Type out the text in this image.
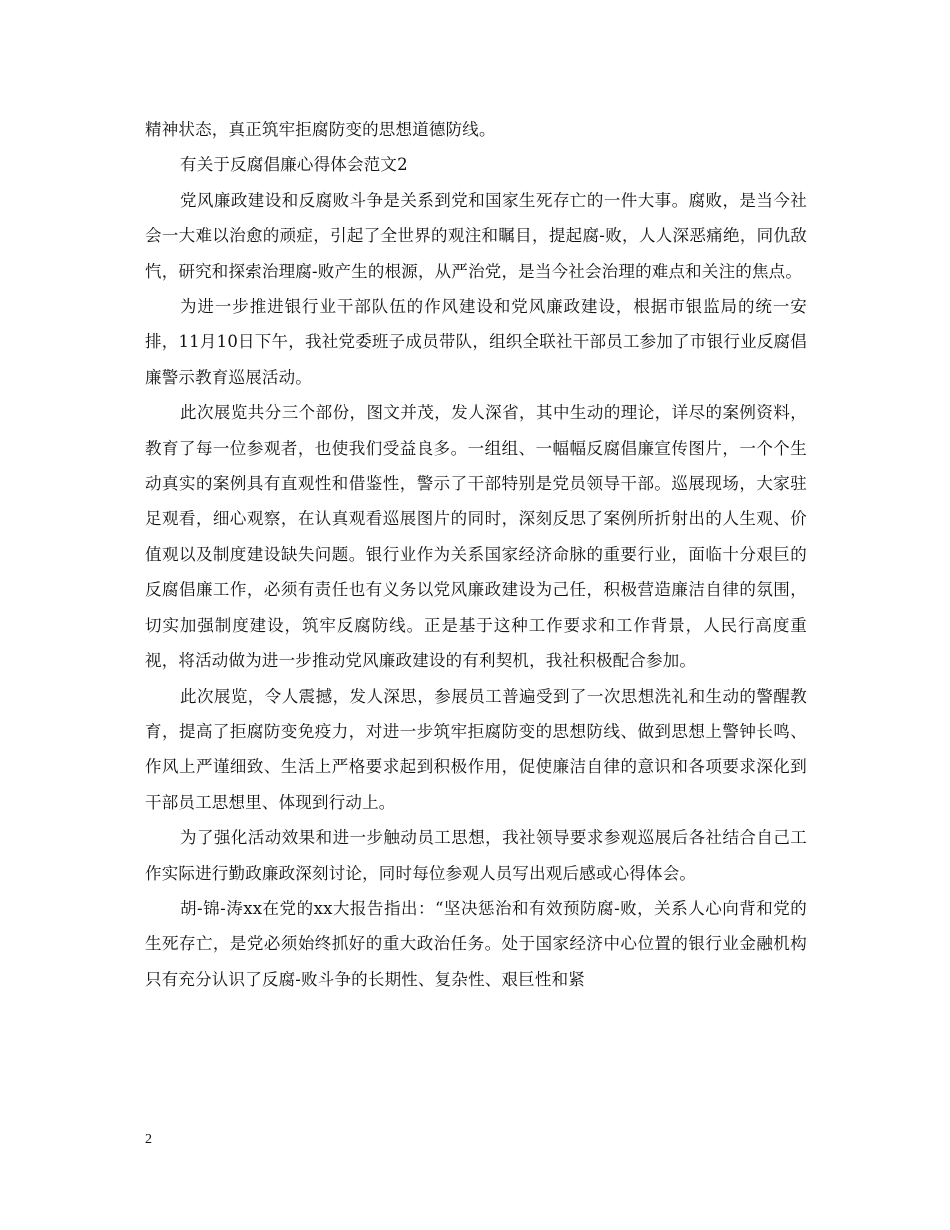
精神状态，真正筑牢拒腐防变的思想道德防线。

有关于反腐倡廉心得体会范文2

党风廉政建设和反腐败斗争是关系到党和国家生死存亡的一件大事。腐败，是当今社会一大难以治愈的顽症，引起了全世界的观注和瞩目，提起腐-败，人人深恶痛绝，同仇敌忾，研究和探索治理腐-败产生的根源，从严治党，是当今社会治理的难点和关注的焦点。

为进一步推进银行业干部队伍的作风建设和党风廉政建设，根据市银监局的统一安排，11月10日下午，我社党委班子成员带队，组织全联社干部员工参加了市银行业反腐倡廉警示教育巡展活动。

此次展览共分三个部份，图文并茂，发人深省，其中生动的理论，详尽的案例资料，教育了每一位参观者，也使我们受益良多。一组组、一幅幅反腐倡廉宣传图片，一个个生动真实的案例具有直观性和借鉴性，警示了干部特别是党员领导干部。巡展现场，大家驻足观看，细心观察，在认真观看巡展图片的同时，深刻反思了案例所折射出的人生观、价值观以及制度建设缺失问题。银行业作为关系国家经济命脉的重要行业，面临十分艰巨的反腐倡廉工作，必须有责任也有义务以党风廉政建设为己任，积极营造廉洁自律的氛围，切实加强制度建设，筑牢反腐防线。正是基于这种工作要求和工作背景，人民行高度重视，将活动做为进一步推动党风廉政建设的有利契机，我社积极配合参加。

此次展览，令人震撼，发人深思，参展员工普遍受到了一次思想洗礼和生动的警醒教育，提高了拒腐防变免疫力，对进一步筑牢拒腐防变的思想防线、做到思想上警钟长鸣、作风上严谨细致、生活上严格要求起到积极作用，促使廉洁自律的意识和各项要求深化到干部员工思想里、体现到行动上。

为了强化活动效果和进一步触动员工思想，我社领导要求参观巡展后各社结合自己工作实际进行勤政廉政深刻讨论，同时每位参观人员写出观后感或心得体会。

胡-锦-涛xx在党的xx大报告指出：“坚决惩治和有效预防腐-败，关系人心向背和党的生死存亡，是党必须始终抓好的重大政治任务。处于国家经济中心位置的银行业金融机构只有充分认识了反腐-败斗争的长期性、复杂性、艰巨性和紧

2
